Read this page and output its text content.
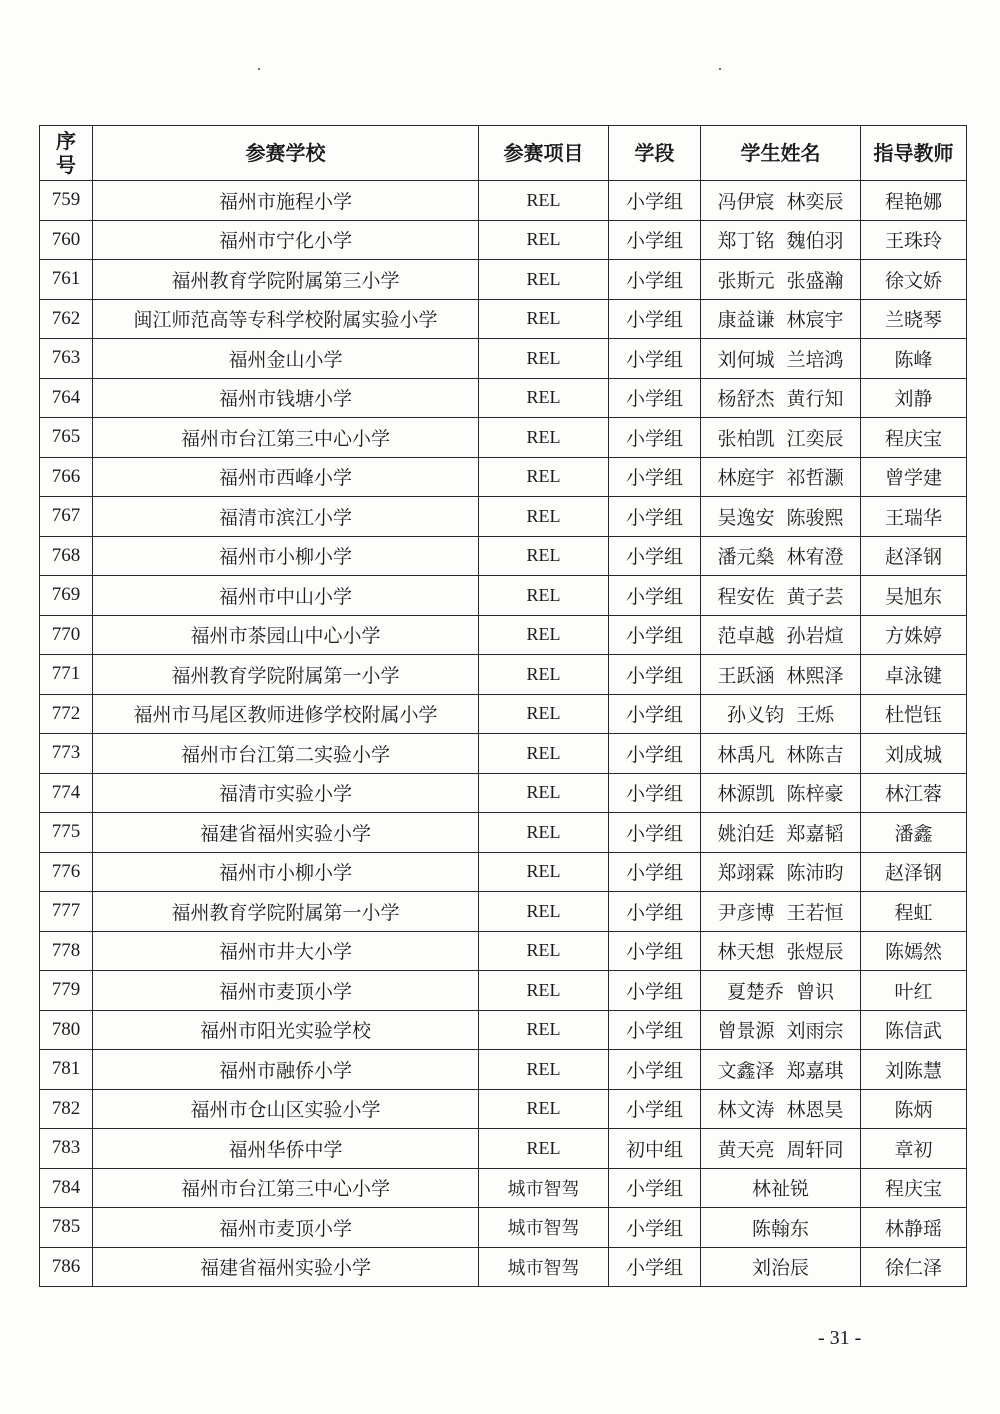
序
号	参赛学校	参赛项目	学段	学生姓名	指导教师
759	福州市施程小学	REL	小学组	冯伊宸  林奕辰	程艳娜
760	福州市宁化小学	REL	小学组	郑丁铭  魏伯羽	王珠玲
761	福州教育学院附属第三小学	REL	小学组	张斯元  张盛瀚	徐文娇
762	闽江师范高等专科学校附属实验小学	REL	小学组	康益谦  林宸宇	兰晓琴
763	福州金山小学	REL	小学组	刘何城  兰培鸿	陈峰
764	福州市钱塘小学	REL	小学组	杨舒杰  黄行知	刘静
765	福州市台江第三中心小学	REL	小学组	张柏凯  江奕辰	程庆宝
766	福州市西峰小学	REL	小学组	林庭宇  祁哲灏	曾学建
767	福清市滨江小学	REL	小学组	吴逸安  陈骏熙	王瑞华
768	福州市小柳小学	REL	小学组	潘元燊  林宥澄	赵泽钢
769	福州市中山小学	REL	小学组	程安佐  黄子芸	吴旭东
770	福州市茶园山中心小学	REL	小学组	范卓越  孙岩煊	方姝婷
771	福州教育学院附属第一小学	REL	小学组	王跃涵  林熙泽	卓泳键
772	福州市马尾区教师进修学校附属小学	REL	小学组	孙义钧  王烁	杜恺钰
773	福州市台江第二实验小学	REL	小学组	林禹凡  林陈吉	刘成城
774	福清市实验小学	REL	小学组	林源凯  陈梓豪	林江蓉
775	福建省福州实验小学	REL	小学组	姚泊廷  郑嘉韬	潘鑫
776	福州市小柳小学	REL	小学组	郑翊霖  陈沛昀	赵泽钢
777	福州教育学院附属第一小学	REL	小学组	尹彦博  王若恒	程虹
778	福州市井大小学	REL	小学组	林天想  张煜辰	陈嫣然
779	福州市麦顶小学	REL	小学组	夏楚乔  曾识	叶红
780	福州市阳光实验学校	REL	小学组	曾景源  刘雨宗	陈信武
781	福州市融侨小学	REL	小学组	文鑫泽  郑嘉琪	刘陈慧
782	福州市仓山区实验小学	REL	小学组	林文涛  林恩昊	陈炳
783	福州华侨中学	REL	初中组	黄天亮  周轩同	章初
784	福州市台江第三中心小学	城市智驾	小学组	林祉锐	程庆宝
785	福州市麦顶小学	城市智驾	小学组	陈翰东	林静瑶
786	福建省福州实验小学	城市智驾	小学组	刘治辰	徐仁泽
- 31 -
